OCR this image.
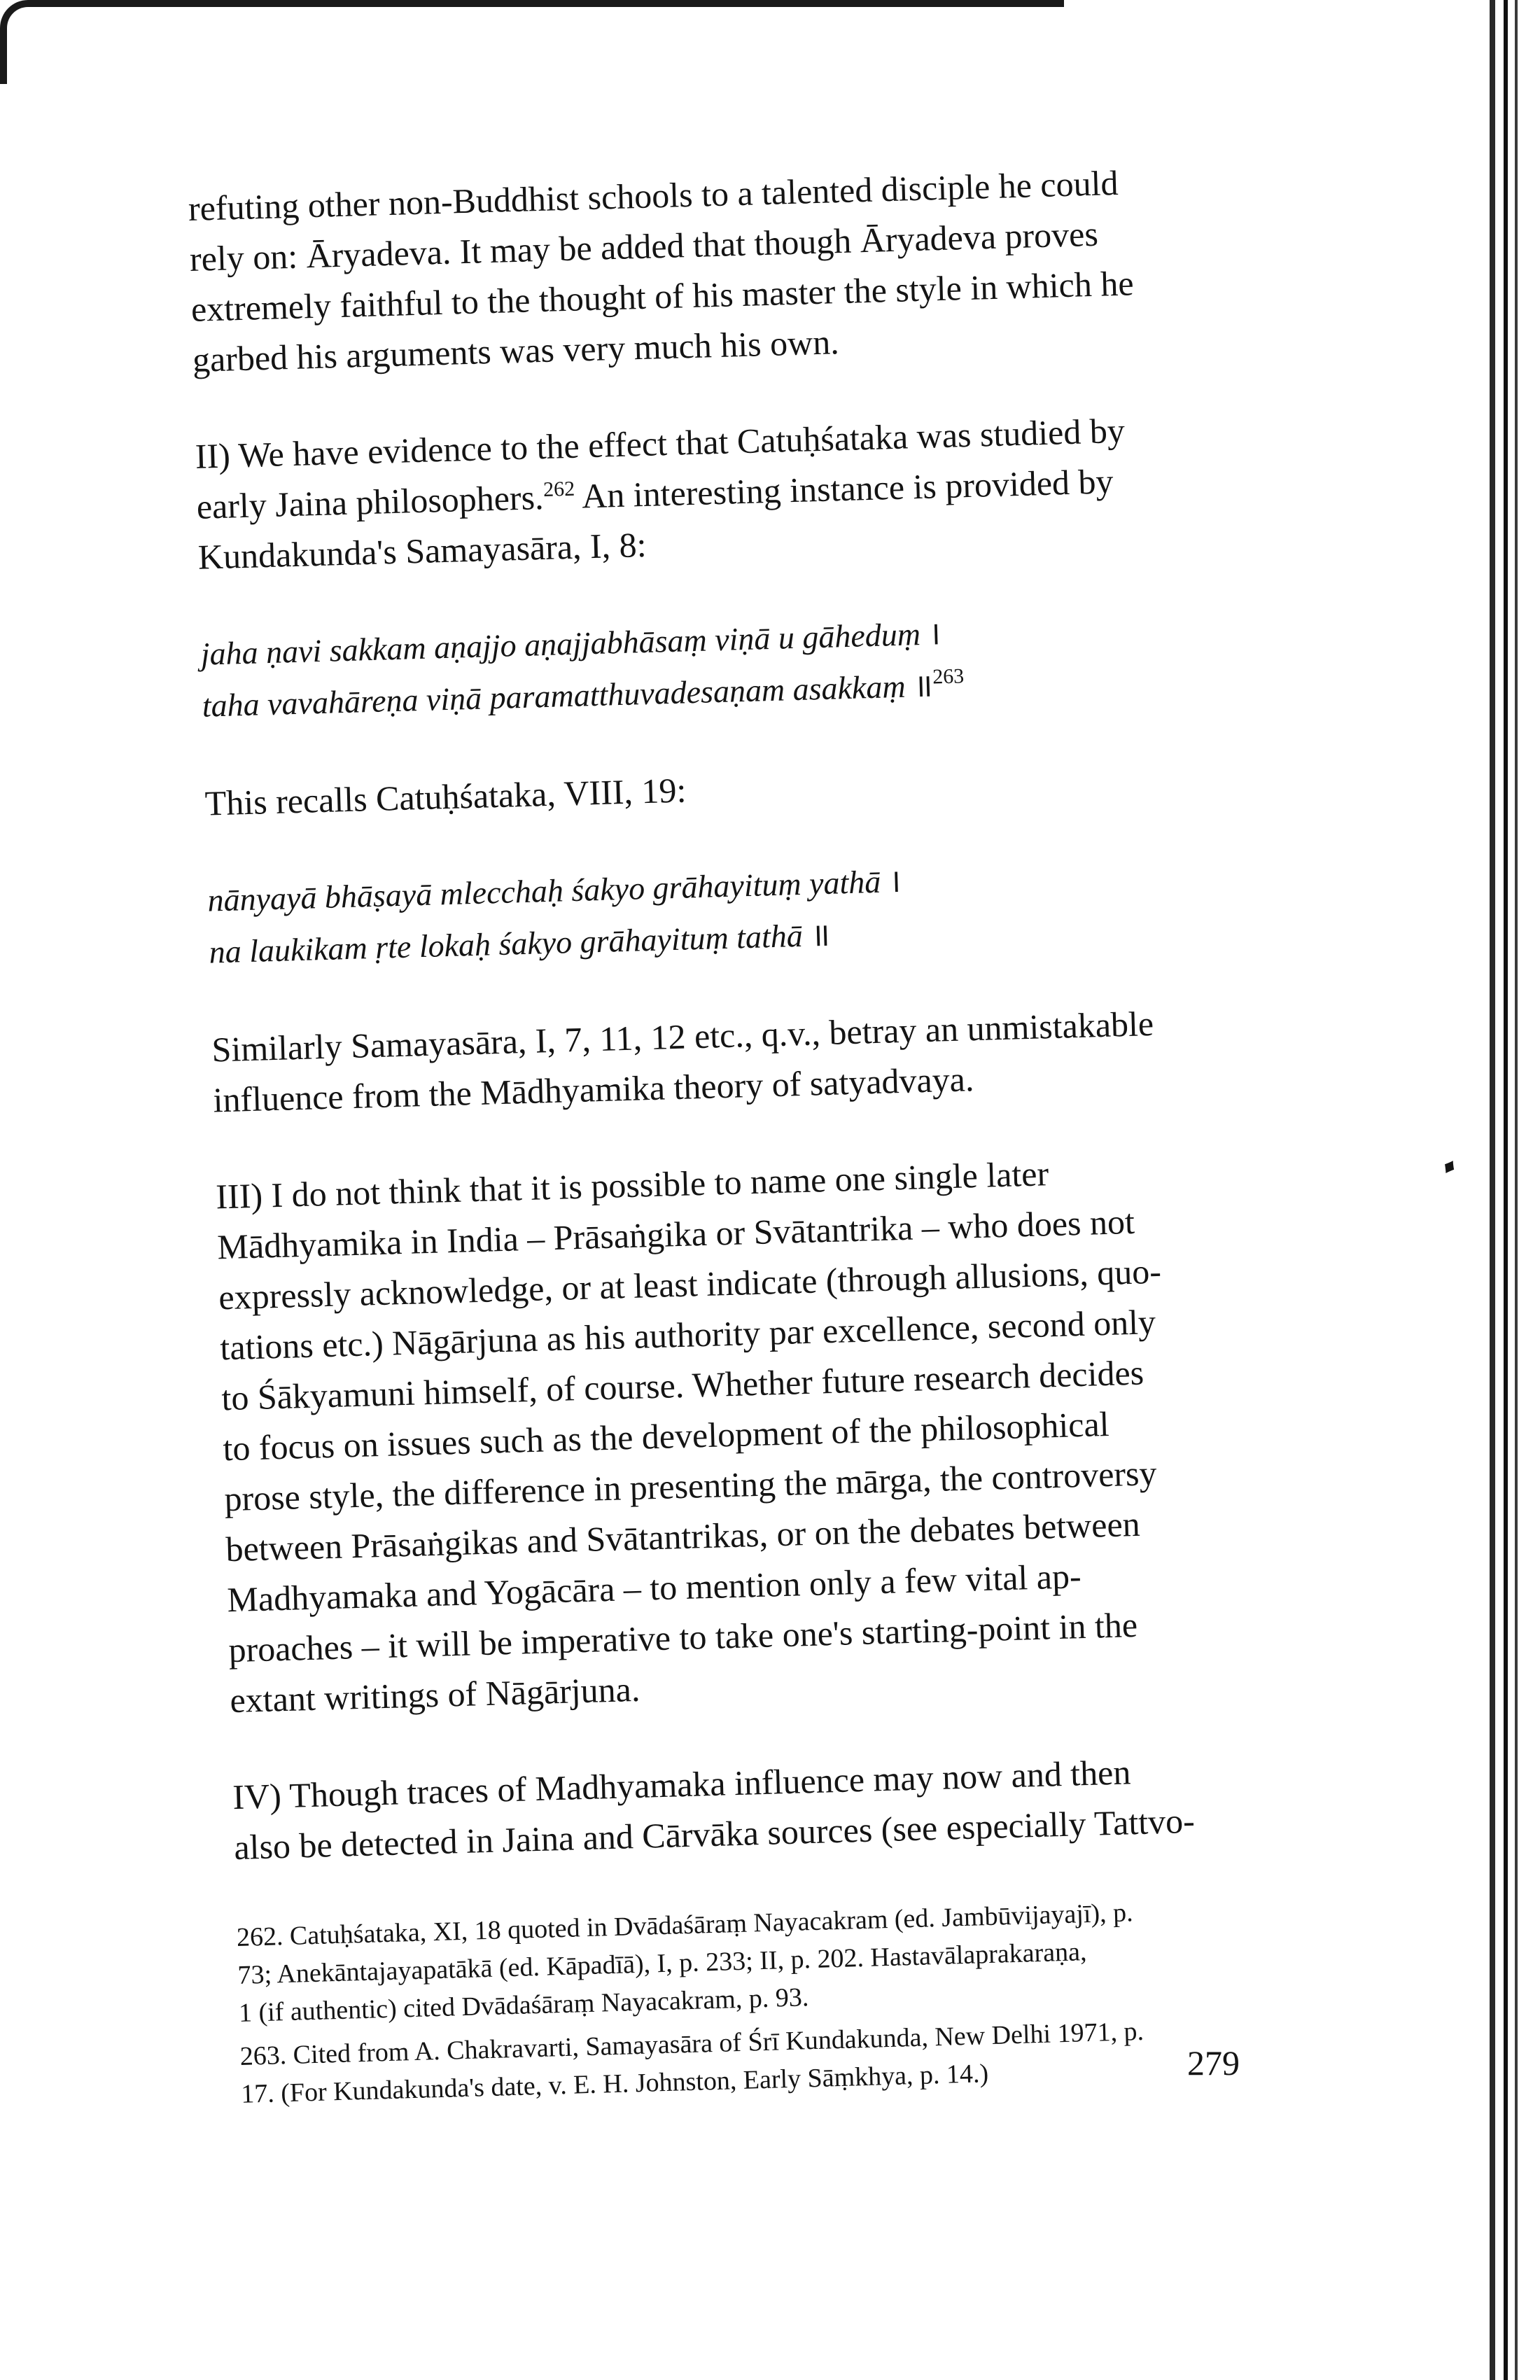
refuting other non-Buddhist schools to a talented disciple he could
rely on: Āryadeva. It may be added that though Āryadeva proves
extremely faithful to the thought of his master the style in which he
garbed his arguments was very much his own.
II) We have evidence to the effect that Catuḥśataka was studied by
early Jaina philosophers.$^{262}$ An interesting instance is provided by
Kundakunda's Samayasāra, I, 8:
jaha ṇavi sakkam aṇajjo aṇajjabhāsaṃ viṇā u gāheduṃ ।
taha vavahāreṇa viṇā paramatthuvadesaṇam asakkaṃ ॥$^{263}$
This recalls Catuḥśataka, VIII, 19:
nānyayā bhāṣayā mlecchaḥ śakyo grāhayituṃ yathā ।
na laukikam ṛte lokaḥ śakyo grāhayituṃ tathā ॥
Similarly Samayasāra, I, 7, 11, 12 etc., q.v., betray an unmistakable
influence from the Mādhyamika theory of satyadvaya.
III) I do not think that it is possible to name one single later
Mādhyamika in India – Prāsaṅgika or Svātantrika – who does not
expressly acknowledge, or at least indicate (through allusions, quo-
tations etc.) Nāgārjuna as his authority par excellence, second only
to Śākyamuni himself, of course. Whether future research decides
to focus on issues such as the development of the philosophical
prose style, the difference in presenting the mārga, the controversy
between Prāsaṅgikas and Svātantrikas, or on the debates between
Madhyamaka and Yogācāra – to mention only a few vital ap-
proaches – it will be imperative to take one's starting-point in the
extant writings of Nāgārjuna.
IV) Though traces of Madhyamaka influence may now and then
also be detected in Jaina and Cārvāka sources (see especially Tattvo-
262. Catuḥśataka, XI, 18 quoted in Dvādaśāraṃ Nayacakram (ed. Jambūvijayajī), p.
73; Anekāntajayapatākā (ed. Kāpadīā), I, p. 233; II, p. 202. Hastavālaprakaraṇa,
1 (if authentic) cited Dvādaśāraṃ Nayacakram, p. 93.
263. Cited from A. Chakravarti, Samayasāra of Śrī Kundakunda, New Delhi 1971, p.
17. (For Kundakunda's date, v. E. H. Johnston, Early Sāṃkhya, p. 14.)
♦
279
